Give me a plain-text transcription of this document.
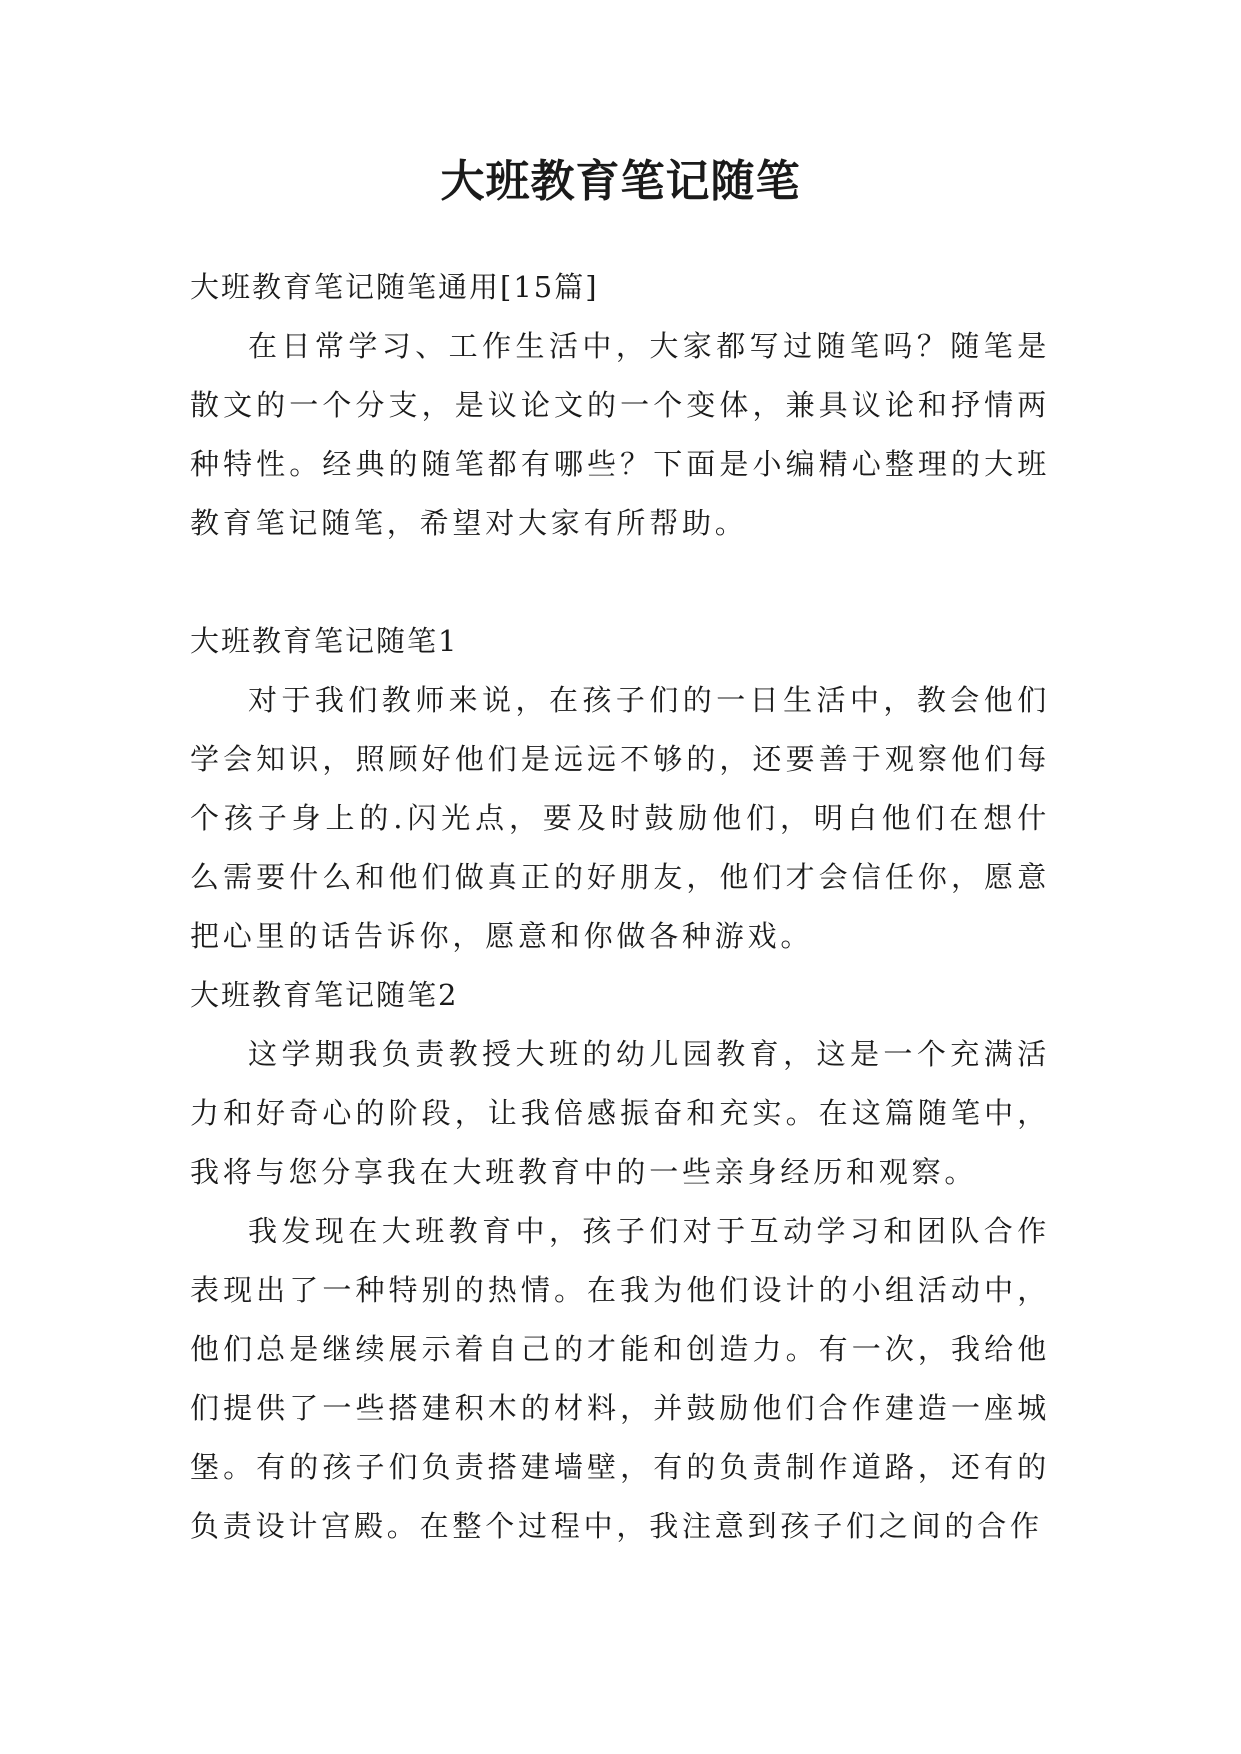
大班教育笔记随笔

大班教育笔记随笔通用[15篇]

在日常学习、工作生活中，大家都写过随笔吗？随笔是散文的一个分支，是议论文的一个变体，兼具议论和抒情两种特性。经典的随笔都有哪些？下面是小编精心整理的大班教育笔记随笔，希望对大家有所帮助。

大班教育笔记随笔1

对于我们教师来说，在孩子们的一日生活中，教会他们学会知识，照顾好他们是远远不够的，还要善于观察他们每个孩子身上的.闪光点，要及时鼓励他们，明白他们在想什么需要什么和他们做真正的好朋友，他们才会信任你，愿意把心里的话告诉你，愿意和你做各种游戏。

大班教育笔记随笔2

这学期我负责教授大班的幼儿园教育，这是一个充满活力和好奇心的阶段，让我倍感振奋和充实。在这篇随笔中，我将与您分享我在大班教育中的一些亲身经历和观察。

我发现在大班教育中，孩子们对于互动学习和团队合作表现出了一种特别的热情。在我为他们设计的小组活动中，他们总是继续展示着自己的才能和创造力。有一次，我给他们提供了一些搭建积木的材料，并鼓励他们合作建造一座城堡。有的孩子们负责搭建墙壁，有的负责制作道路，还有的负责设计宫殿。在整个过程中，我注意到孩子们之间的合作
